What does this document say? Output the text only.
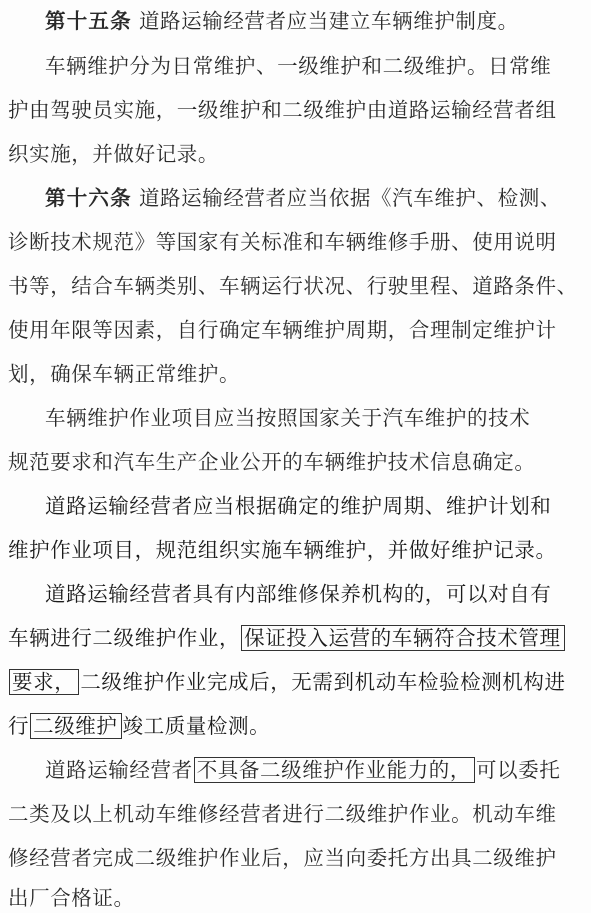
第十五条 道路运输经营者应当建立车辆维护制度。
车辆维护分为日常维护、一级维护和二级维护。日常维
护由驾驶员实施，一级维护和二级维护由道路运输经营者组
织实施，并做好记录。
第十六条 道路运输经营者应当依据《汽车维护、检测、
诊断技术规范》等国家有关标准和车辆维修手册、使用说明
书等，结合车辆类别、车辆运行状况、行驶里程、道路条件、
使用年限等因素，自行确定车辆维护周期，合理制定维护计
划，确保车辆正常维护。
车辆维护作业项目应当按照国家关于汽车维护的技术
规范要求和汽车生产企业公开的车辆维护技术信息确定。
道路运输经营者应当根据确定的维护周期、维护计划和
维护作业项目，规范组织实施车辆维护，并做好维护记录。
道路运输经营者具有内部维修保养机构的，可以对自有
车辆进行二级维护作业， 保证投入运营的车辆符合技术管理
要求， 二级维护作业完成后，无需到机动车检验检测机构进
行 二级维护 竣工质量检测。
道路运输经营者 不具备二级维护作业能力的， 可以委托
二类及以上机动车维修经营者进行二级维护作业。机动车维
修经营者完成二级维护作业后，应当向委托方出具二级维护
出厂合格证。
